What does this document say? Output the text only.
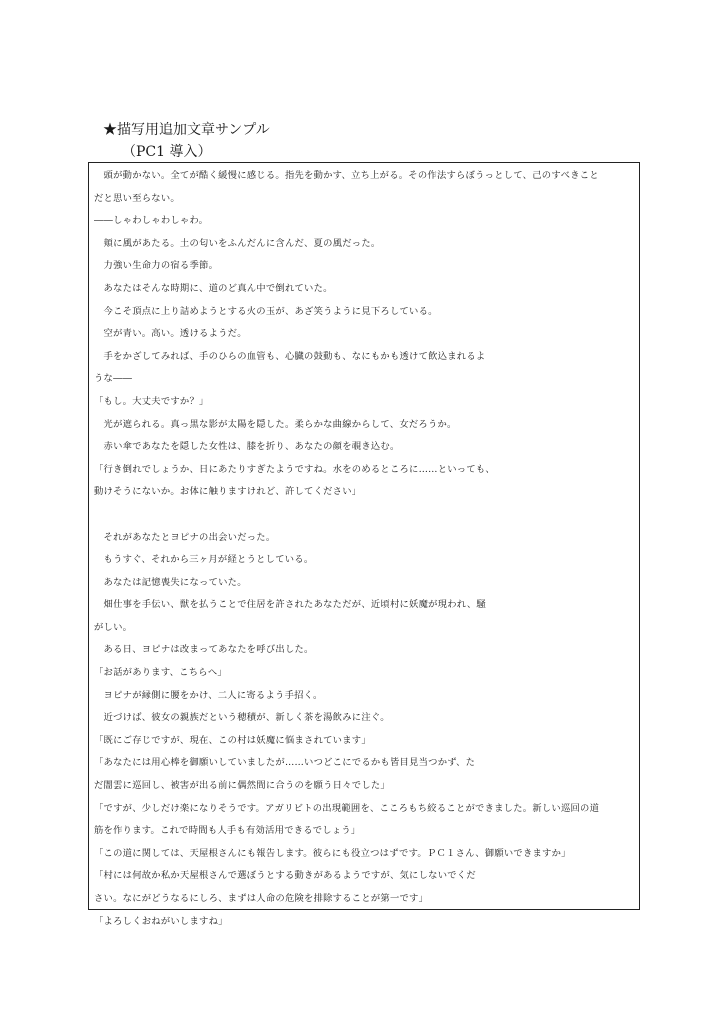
★描写用追加文章サンプル
（PC1 導入）
　頭が動かない。全てが酷く緩慢に感じる。指先を動かす、立ち上がる。その作法すらぼうっとして、己のすべきこと
だと思い至らない。
――しゃわしゃわしゃわ。
　頬に風があたる。土の匂いをふんだんに含んだ、夏の風だった。
　力強い生命力の宿る季節。
　あなたはそんな時期に、道のど真ん中で倒れていた。
　今こそ頂点に上り詰めようとする火の玉が、あざ笑うように見下ろしている。
　空が青い。高い。透けるようだ。
　手をかざしてみれば、手のひらの血管も、心臓の鼓動も、なにもかも透けて飲込まれるよ
うな――
「もし。大丈夫ですか？」
　光が遮られる。真っ黒な影が太陽を隠した。柔らかな曲線からして、女だろうか。
　赤い傘であなたを隠した女性は、膝を折り、あなたの顔を覗き込む。
「行き倒れでしょうか、日にあたりすぎたようですね。水をのめるところに……といっても、
動けそうにないか。お体に触りますけれど、許してください」
　それがあなたとヨピナの出会いだった。
　もうすぐ、それから三ヶ月が経とうとしている。
　あなたは記憶喪失になっていた。
　畑仕事を手伝い、獣を払うことで住居を許されたあなただが、近頃村に妖魔が現われ、騒
がしい。
　ある日、ヨピナは改まってあなたを呼び出した。
「お話があります、こちらへ」
　ヨピナが縁側に腰をかけ、二人に寄るよう手招く。
　近づけば、彼女の親族だという穂積が、新しく茶を湯飲みに注ぐ。
「既にご存じですが、現在、この村は妖魔に悩まされています」
「あなたには用心棒を御願いしていましたが……いつどこにでるかも皆目見当つかず、た
だ闇雲に巡回し、被害が出る前に偶然間に合うのを願う日々でした」
「ですが、少しだけ楽になりそうです。アガリビトの出現範囲を、こころもち絞ることができました。新しい巡回の道
筋を作ります。これで時間も人手も有効活用できるでしょう」
「この道に関しては、天屋根さんにも報告します。彼らにも役立つはずです。ＰＣ１さん、御願いできますか」
「村には何故か私か天屋根さんで選ぼうとする動きがあるようですが、気にしないでくだ
さい。なにがどうなるにしろ、まずは人命の危険を排除することが第一です」
「よろしくおねがいしますね」
